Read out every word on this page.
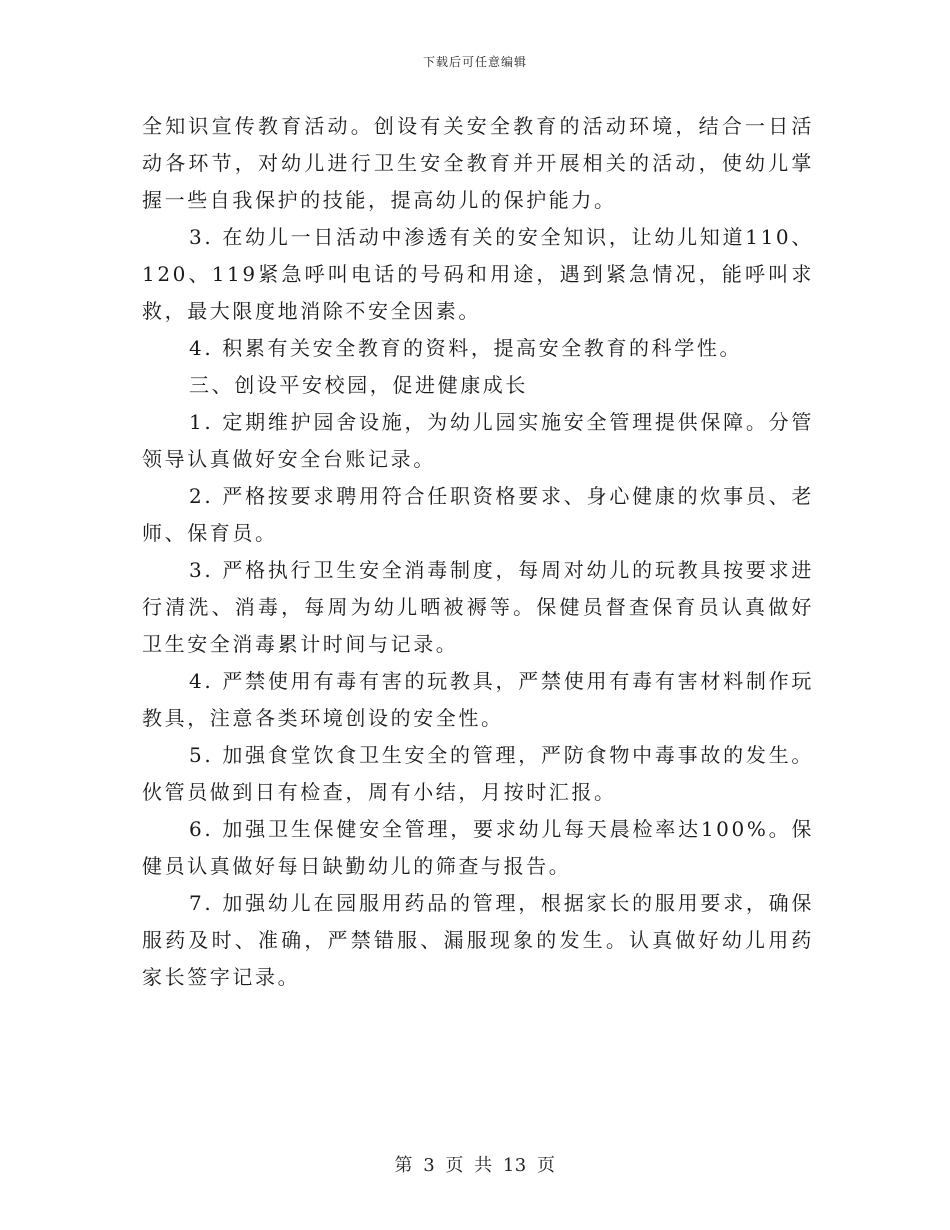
下载后可任意编辑

全知识宣传教育活动。创设有关安全教育的活动环境，结合一日活动各环节，对幼儿进行卫生安全教育并开展相关的活动，使幼儿掌握一些自我保护的技能，提高幼儿的保护能力。

3. 在幼儿一日活动中渗透有关的安全知识，让幼儿知道110、120、119紧急呼叫电话的号码和用途，遇到紧急情况，能呼叫求救，最大限度地消除不安全因素。

4. 积累有关安全教育的资料，提高安全教育的科学性。

三、创设平安校园，促进健康成长

1. 定期维护园舍设施，为幼儿园实施安全管理提供保障。分管领导认真做好安全台账记录。

2. 严格按要求聘用符合任职资格要求、身心健康的炊事员、老师、保育员。

3. 严格执行卫生安全消毒制度，每周对幼儿的玩教具按要求进行清洗、消毒，每周为幼儿晒被褥等。保健员督查保育员认真做好卫生安全消毒累计时间与记录。

4. 严禁使用有毒有害的玩教具，严禁使用有毒有害材料制作玩教具，注意各类环境创设的安全性。

5. 加强食堂饮食卫生安全的管理，严防食物中毒事故的发生。伙管员做到日有检查，周有小结，月按时汇报。

6. 加强卫生保健安全管理，要求幼儿每天晨检率达100%。保健员认真做好每日缺勤幼儿的筛查与报告。

7. 加强幼儿在园服用药品的管理，根据家长的服用要求，确保服药及时、准确，严禁错服、漏服现象的发生。认真做好幼儿用药家长签字记录。

第 3 页 共 13 页
